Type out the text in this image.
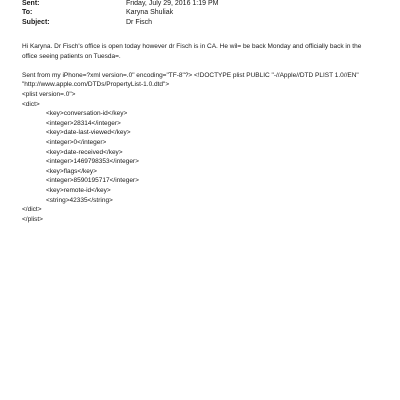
Sent:	Friday, July 29, 2016 1:19 PM
To:	Karyna Shuliak
Subject:	Dr Fisch

Hi Karyna. Dr Fisch's office is open today however dr Fisch is in CA. He wil= be back Monday and officially back in the office seeing patients on Tuesda=.

Sent from my iPhone=?xml version=.0" encoding="TF-8"?> <!DOCTYPE plist PUBLIC "-//Apple//DTD PLIST 1.0//EN"

"http://www.apple.com/DTDs/PropertyList-1.0.dtd">

<plist version=.0">

<dict>

<key>conversation-id</key>

<integer>28314</integer>

<key>date-last-viewed</key>

<integer>0</integer>

<key>date-received</key>

<integer>1469798353</integer>

<key>flags</key>

<integer>8590195717</integer>

<key>remote-id</key>

<string>42335</string>

</dict>

</plist>
